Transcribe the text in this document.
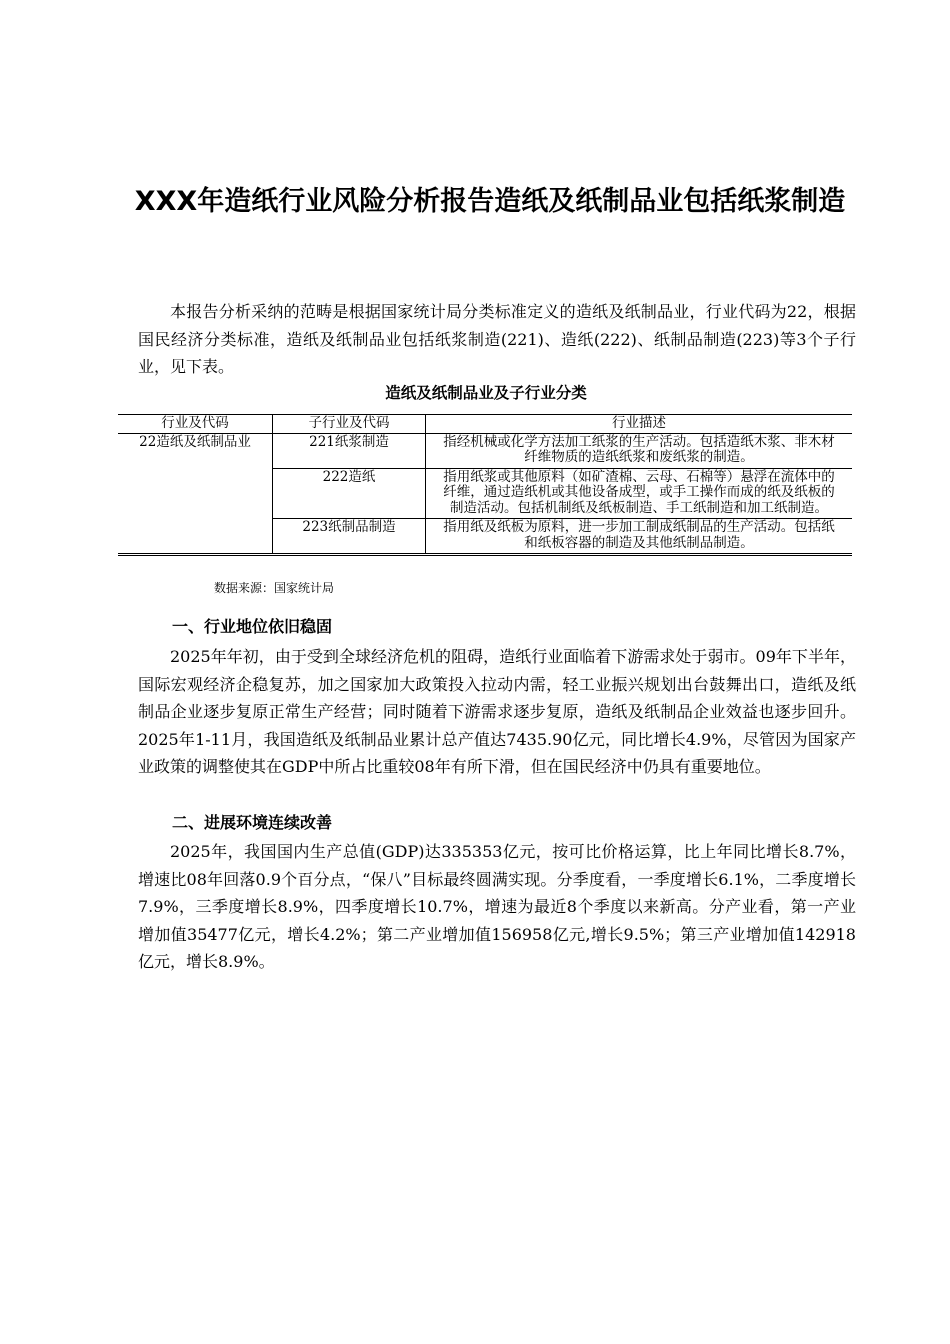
XXX年造纸行业风险分析报告造纸及纸制品业包括纸浆制造

本报告分析采纳的范畴是根据国家统计局分类标准定义的造纸及纸制品业，行业代码为22，根据国民经济分类标准，造纸及纸制品业包括纸浆制造(221)、造纸(222)、纸制品制造(223)等3个子行业，见下表。

造纸及纸制品业及子行业分类

行业及代码	子行业及代码	行业描述
22造纸及纸制品业	221纸浆制造	指经机械或化学方法加工纸浆的生产活动。包括造纸木浆、非木材纤维物质的造纸纸浆和废纸浆的制造。
	222造纸	指用纸浆或其他原料（如矿渣棉、云母、石棉等）悬浮在流体中的纤维，通过造纸机或其他设备成型，或手工操作而成的纸及纸板的制造活动。包括机制纸及纸板制造、手工纸制造和加工纸制造。
	223纸制品制造	指用纸及纸板为原料，进一步加工制成纸制品的生产活动。包括纸和纸板容器的制造及其他纸制品制造。

数据来源：国家统计局

一、行业地位依旧稳固

2025年年初，由于受到全球经济危机的阻碍，造纸行业面临着下游需求处于弱市。09年下半年，国际宏观经济企稳复苏，加之国家加大政策投入拉动内需，轻工业振兴规划出台鼓舞出口，造纸及纸制品企业逐步复原正常生产经营；同时随着下游需求逐步复原，造纸及纸制品企业效益也逐步回升。2025年1-11月，我国造纸及纸制品业累计总产值达7435.90亿元，同比增长4.9%，尽管因为国家产业政策的调整使其在GDP中所占比重较08年有所下滑，但在国民经济中仍具有重要地位。

二、进展环境连续改善

2025年，我国国内生产总值(GDP)达335353亿元，按可比价格运算，比上年同比增长8.7%，增速比08年回落0.9个百分点，“保八”目标最终圆满实现。分季度看，一季度增长6.1%，二季度增长7.9%，三季度增长8.9%，四季度增长10.7%，增速为最近8个季度以来新高。分产业看，第一产业增加值35477亿元，增长4.2%；第二产业增加值156958亿元,增长9.5%；第三产业增加值142918亿元，增长8.9%。
